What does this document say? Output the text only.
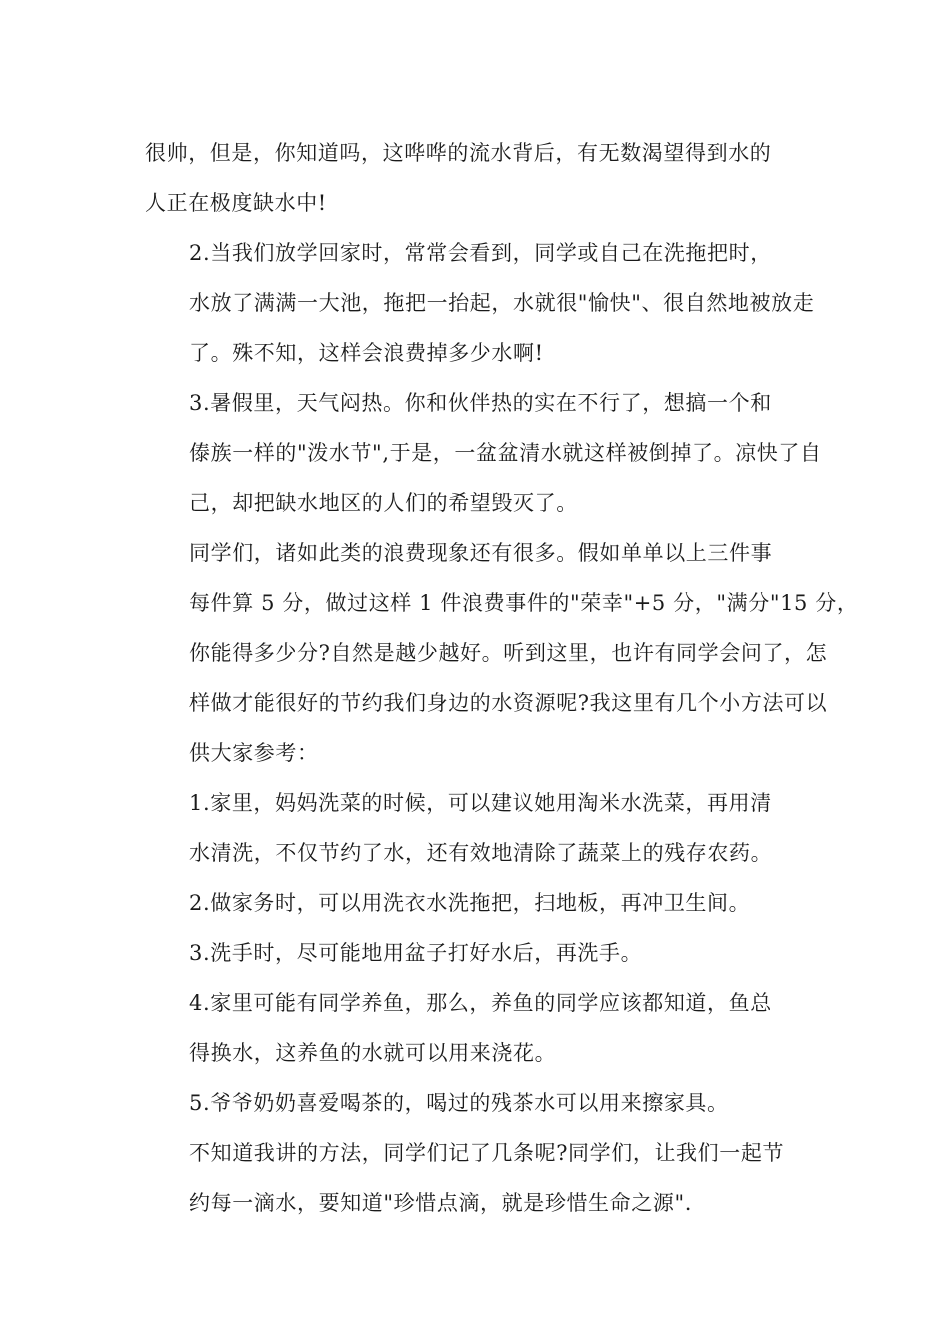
很帅，但是，你知道吗，这哗哗的流水背后，有无数渴望得到水的
人正在极度缺水中!

2.当我们放学回家时，常常会看到，同学或自己在洗拖把时，
水放了满满一大池，拖把一抬起，水就很"愉快"、很自然地被放走
了。殊不知，这样会浪费掉多少水啊!

3.暑假里，天气闷热。你和伙伴热的实在不行了，想搞一个和
傣族一样的"泼水节",于是，一盆盆清水就这样被倒掉了。凉快了自
己，却把缺水地区的人们的希望毁灭了。

同学们，诸如此类的浪费现象还有很多。假如单单以上三件事
每件算 5 分，做过这样 1 件浪费事件的"荣幸"+5 分，"满分"15 分，
你能得多少分?自然是越少越好。听到这里，也许有同学会问了，怎
样做才能很好的节约我们身边的水资源呢?我这里有几个小方法可以
供大家参考：

1.家里，妈妈洗菜的时候，可以建议她用淘米水洗菜，再用清
水清洗，不仅节约了水，还有效地清除了蔬菜上的残存农药。

2.做家务时，可以用洗衣水洗拖把，扫地板，再冲卫生间。

3.洗手时，尽可能地用盆子打好水后，再洗手。

4.家里可能有同学养鱼，那么，养鱼的同学应该都知道，鱼总
得换水，这养鱼的水就可以用来浇花。

5.爷爷奶奶喜爱喝茶的，喝过的残茶水可以用来擦家具。

不知道我讲的方法，同学们记了几条呢?同学们，让我们一起节
约每一滴水，要知道"珍惜点滴，就是珍惜生命之源".
